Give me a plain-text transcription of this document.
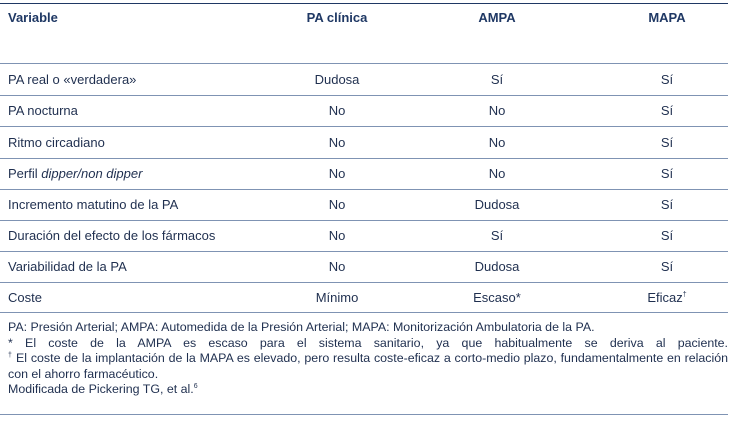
Variable	PA clínica	AMPA	MAPA
PA real o «verdadera»	Dudosa	Sí	Sí
PA nocturna	No	No	Sí
Ritmo circadiano	No	No	Sí
Perfil dipper/non dipper	No	No	Sí
Incremento matutino de la PA	No	Dudosa	Sí
Duración del efecto de los fármacos	No	Sí	Sí
Variabilidad de la PA	No	Dudosa	Sí
Coste	Mínimo	Escaso*	Eficaz†
PA: Presión Arterial; AMPA: Automedida de la Presión Arterial; MAPA: Monitorización Ambulatoria de la PA.
* El coste de la AMPA es escaso para el sistema sanitario, ya que habitualmente se deriva al paciente.
† El coste de la implantación de la MAPA es elevado, pero resulta coste-eficaz a corto-medio plazo, fundamentalmente en relación con el ahorro farmacéutico.
Modificada de Pickering TG, et al.$^6$
